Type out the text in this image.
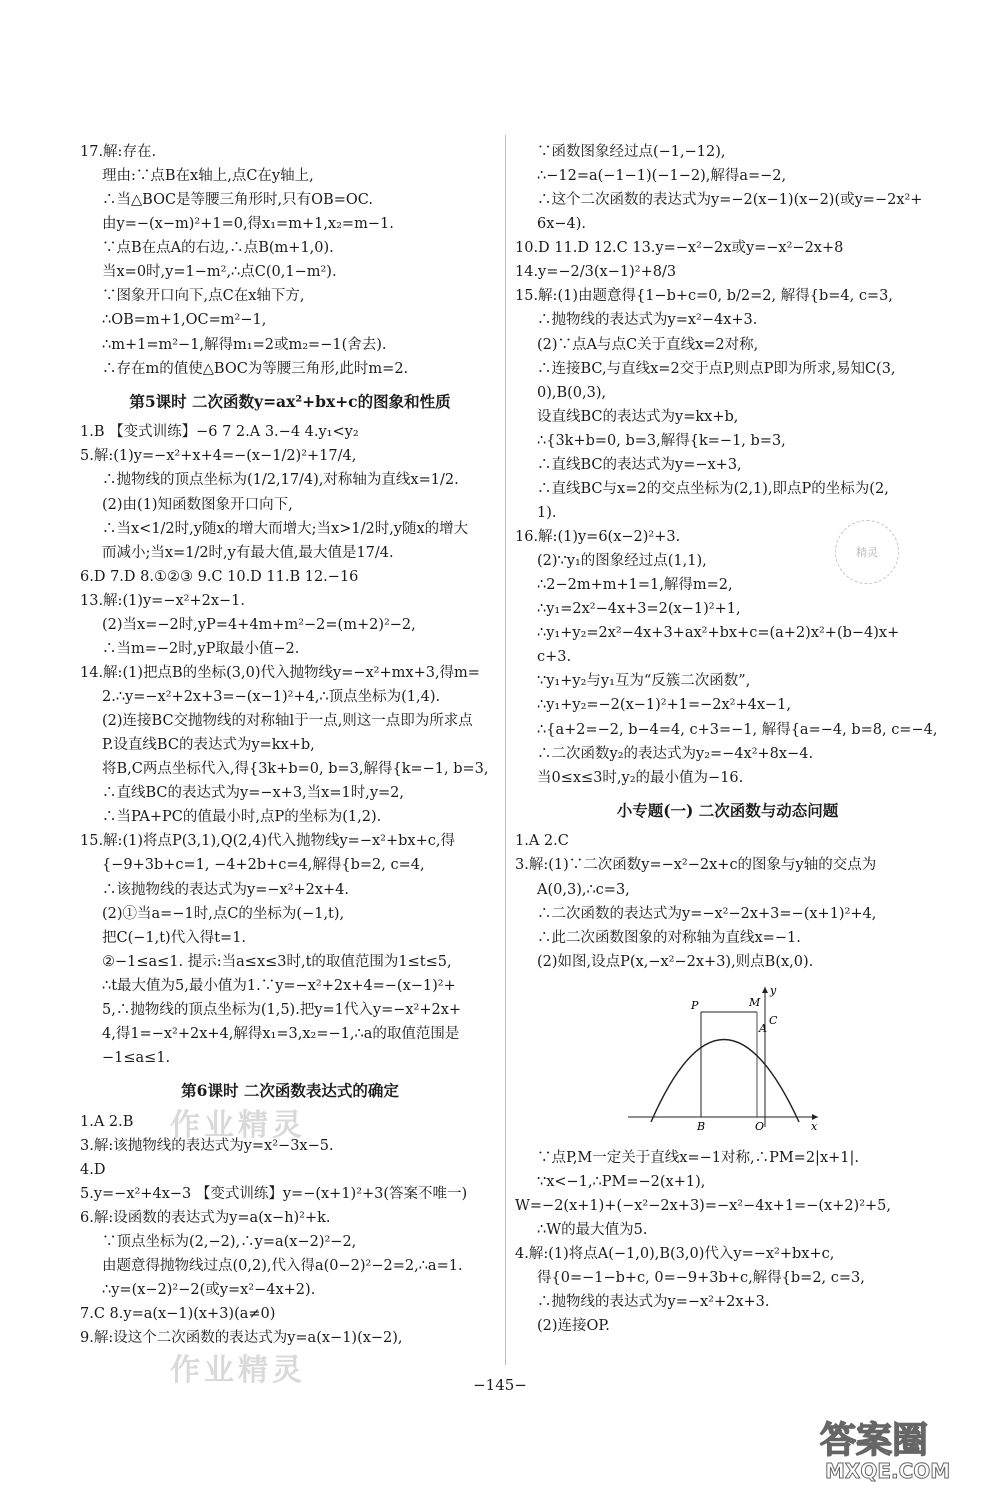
17.解:存在.
理由:∵点B在x轴上,点C在y轴上,
∴当△BOC是等腰三角形时,只有OB=OC.
由y=−(x−m)²+1=0,得x₁=m+1,x₂=m−1.
∵点B在点A的右边,∴点B(m+1,0).
当x=0时,y=1−m²,∴点C(0,1−m²).
∵图象开口向下,点C在x轴下方,
∴OB=m+1,OC=m²−1,
∴m+1=m²−1,解得m₁=2或m₂=−1(舍去).
∴存在m的值使△BOC为等腰三角形,此时m=2.
第5课时 二次函数y=ax²+bx+c的图象和性质
1.B 【变式训练】−6 7 2.A 3.−4 4.y₁<y₂
5.解:(1)y=−x²+x+4=−(x−1/2)²+17/4,
∴抛物线的顶点坐标为(1/2,17/4),对称轴为直线x=1/2.
(2)由(1)知函数图象开口向下,
∴当x<1/2时,y随x的增大而增大;当x>1/2时,y随x的增大
而减小;当x=1/2时,y有最大值,最大值是17/4.
6.D 7.D 8.①②③ 9.C 10.D 11.B 12.−16
13.解:(1)y=−x²+2x−1.
(2)当x=−2时,yP=4+4m+m²−2=(m+2)²−2,
∴当m=−2时,yP取最小值−2.
14.解:(1)把点B的坐标(3,0)代入抛物线y=−x²+mx+3,得m=
2.∴y=−x²+2x+3=−(x−1)²+4,∴顶点坐标为(1,4).
(2)连接BC交抛物线的对称轴l于一点,则这一点即为所求点
P.设直线BC的表达式为y=kx+b,
将B,C两点坐标代入,得{3k+b=0, b=3,解得{k=−1, b=3,
∴直线BC的表达式为y=−x+3,当x=1时,y=2,
∴当PA+PC的值最小时,点P的坐标为(1,2).
15.解:(1)将点P(3,1),Q(2,4)代入抛物线y=−x²+bx+c,得
{−9+3b+c=1, −4+2b+c=4,解得{b=2, c=4,
∴该抛物线的表达式为y=−x²+2x+4.
(2)①当a=−1时,点C的坐标为(−1,t),
把C(−1,t)代入得t=1.
②−1≤a≤1. 提示:当a≤x≤3时,t的取值范围为1≤t≤5,
∴t最大值为5,最小值为1.∵y=−x²+2x+4=−(x−1)²+
5,∴抛物线的顶点坐标为(1,5).把y=1代入y=−x²+2x+
4,得1=−x²+2x+4,解得x₁=3,x₂=−1,∴a的取值范围是
−1≤a≤1.
第6课时 二次函数表达式的确定
1.A 2.B
3.解:该抛物线的表达式为y=x²−3x−5.
4.D
5.y=−x²+4x−3 【变式训练】y=−(x+1)²+3(答案不唯一)
6.解:设函数的表达式为y=a(x−h)²+k.
∵顶点坐标为(2,−2),∴y=a(x−2)²−2,
由题意得抛物线过点(0,2),代入得a(0−2)²−2=2,∴a=1.
∴y=(x−2)²−2(或y=x²−4x+2).
7.C 8.y=a(x−1)(x+3)(a≠0)
9.解:设这个二次函数的表达式为y=a(x−1)(x−2),
∵函数图象经过点(−1,−12),
∴−12=a(−1−1)(−1−2),解得a=−2,
∴这个二次函数的表达式为y=−2(x−1)(x−2)(或y=−2x²+
6x−4).
10.D 11.D 12.C 13.y=−x²−2x或y=−x²−2x+8
14.y=−2/3(x−1)²+8/3
15.解:(1)由题意得{1−b+c=0, b/2=2, 解得{b=4, c=3,
∴抛物线的表达式为y=x²−4x+3.
(2)∵点A与点C关于直线x=2对称,
∴连接BC,与直线x=2交于点P,则点P即为所求,易知C(3,
0),B(0,3),
设直线BC的表达式为y=kx+b,
∴{3k+b=0, b=3,解得{k=−1, b=3,
∴直线BC的表达式为y=−x+3,
∴直线BC与x=2的交点坐标为(2,1),即点P的坐标为(2,
1).
16.解:(1)y=6(x−2)²+3.
(2)∵y₁的图象经过点(1,1),
∴2−2m+m+1=1,解得m=2,
∴y₁=2x²−4x+3=2(x−1)²+1,
∴y₁+y₂=2x²−4x+3+ax²+bx+c=(a+2)x²+(b−4)x+
c+3.
∵y₁+y₂与y₁互为“反簇二次函数”,
∴y₁+y₂=−2(x−1)²+1=−2x²+4x−1,
∴{a+2=−2, b−4=4, c+3=−1, 解得{a=−4, b=8, c=−4,
∴二次函数y₂的表达式为y₂=−4x²+8x−4.
当0≤x≤3时,y₂的最小值为−16.
小专题(一) 二次函数与动态问题
1.A 2.C
3.解:(1)∵二次函数y=−x²−2x+c的图象与y轴的交点为
A(0,3),∴c=3,
∴二次函数的表达式为y=−x²−2x+3=−(x+1)²+4,
∴此二次函数图象的对称轴为直线x=−1.
(2)如图,设点P(x,−x²−2x+3),则点B(x,0).
P	M
C
A
B	O	x
y
∵点P,M一定关于直线x=−1对称,∴PM=2|x+1|.
∵x<−1,∴PM=−2(x+1),
W=−2(x+1)+(−x²−2x+3)=−x²−4x+1=−(x+2)²+5,
∴W的最大值为5.
4.解:(1)将点A(−1,0),B(3,0)代入y=−x²+bx+c,
得{0=−1−b+c, 0=−9+3b+c,解得{b=2, c=3,
∴抛物线的表达式为y=−x²+2x+3.
(2)连接OP.
精灵
作业精灵
作业精灵	−145−
答案圈
MXQE.COM
